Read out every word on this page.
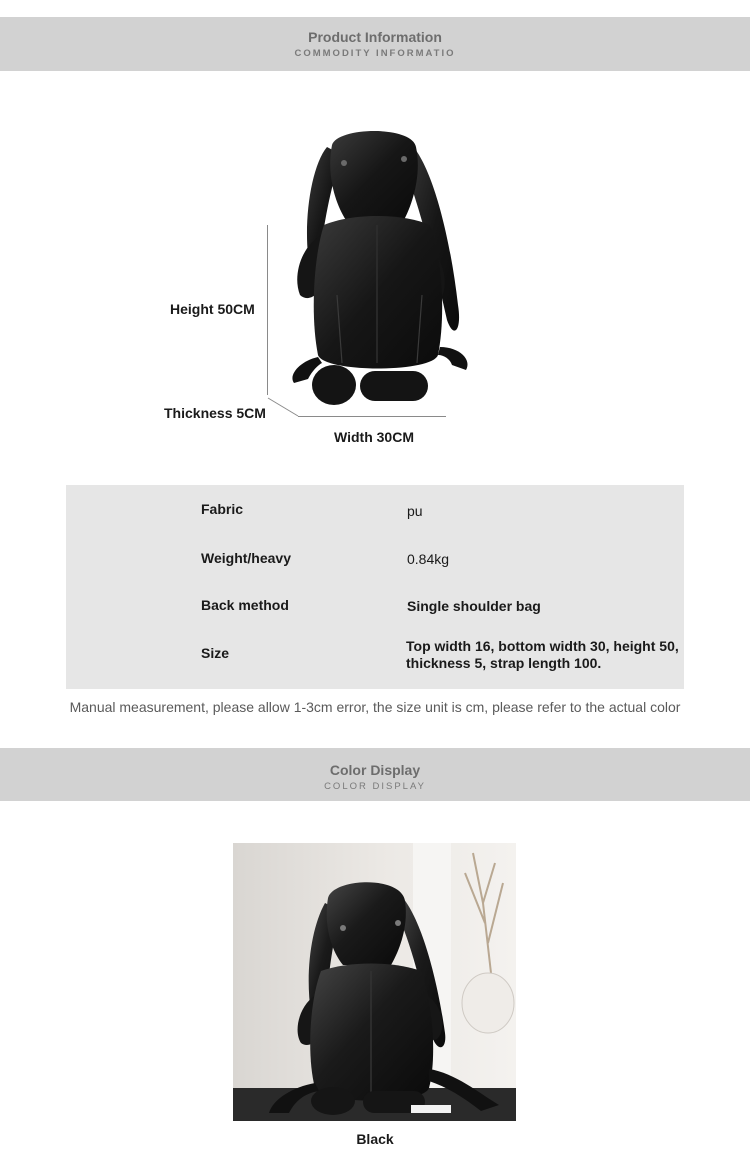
Product Information
COMMODITY INFORMATIO
Height 50CM
Thickness 5CM
Width 30CM
Fabric	pu
Weight/heavy	0.84kg
Back method	Single shoulder bag
Size	Top width 16, bottom width 30, height 50,
thickness 5, strap length 100.
Manual measurement, please allow 1-3cm error, the size unit is cm, please refer to the actual color
Color Display
COLOR DISPLAY
Black
